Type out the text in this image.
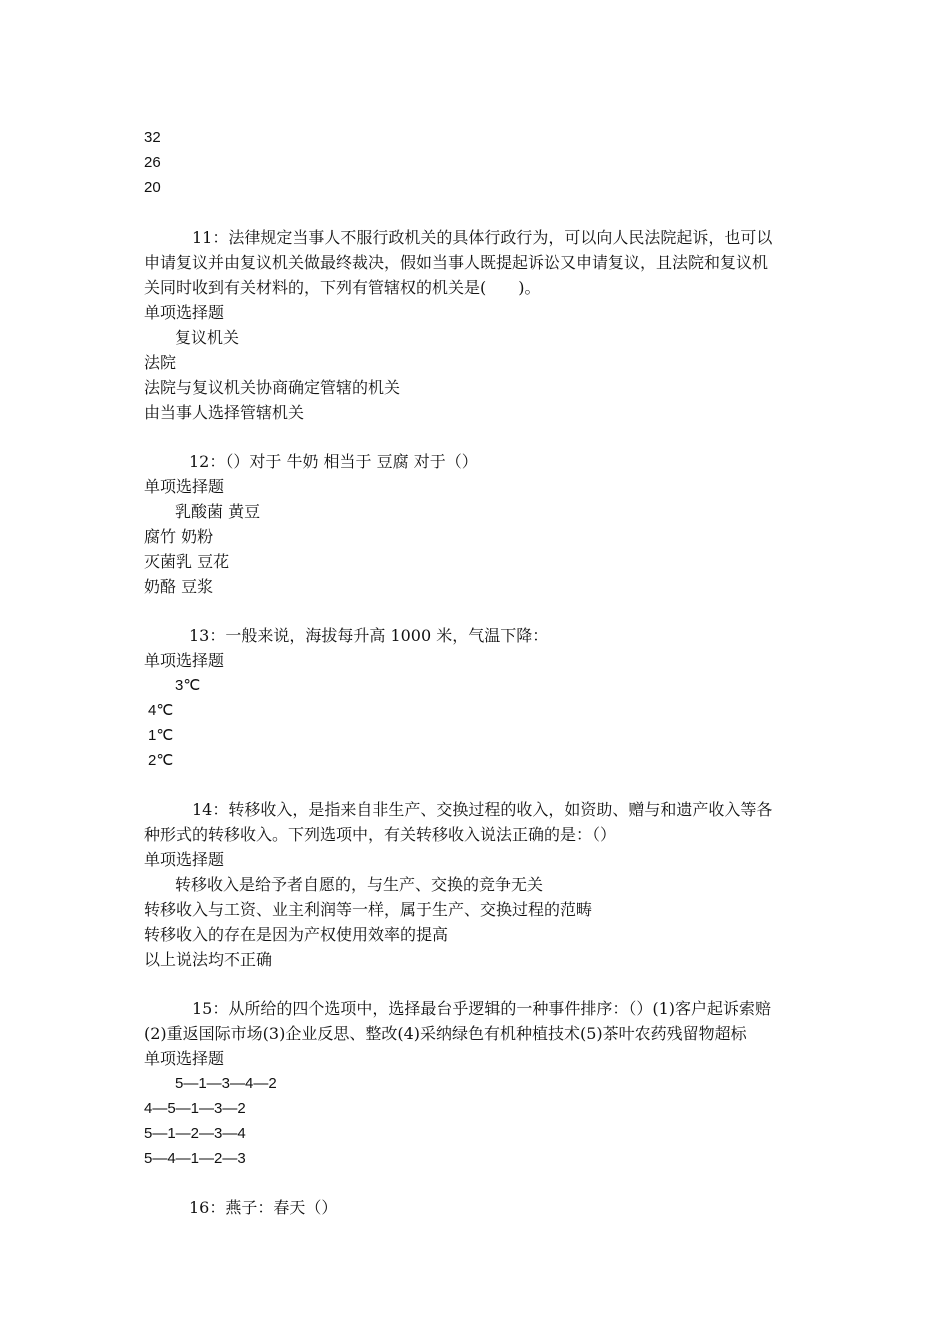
32
26
20
11：法律规定当事人不服行政机关的具体行政行为，可以向人民法院起诉，也可以
申请复议并由复议机关做最终裁决，假如当事人既提起诉讼又申请复议，且法院和复议机
关同时收到有关材料的，下列有管辖权的机关是(　　)。
单项选择题
复议机关
法院
法院与复议机关协商确定管辖的机关
由当事人选择管辖机关
12：（）对于 牛奶 相当于 豆腐 对于（）
单项选择题
乳酸菌 黄豆
腐竹 奶粉
灭菌乳 豆花
奶酪 豆浆
13：一般来说，海拔每升高 1000 米，气温下降：
单项选择题
3℃
4℃
1℃
2℃
14：转移收入，是指来自非生产、交换过程的收入，如资助、赠与和遗产收入等各
种形式的转移收入。下列选项中，有关转移收入说法正确的是：（）
单项选择题
转移收入是给予者自愿的，与生产、交换的竞争无关
转移收入与工资、业主利润等一样，属于生产、交换过程的范畴
转移收入的存在是因为产权使用效率的提高
以上说法均不正确
15：从所给的四个选项中，选择最台乎逻辑的一种事件排序：（）(1)客户起诉索赔
(2)重返国际市场(3)企业反思、整改(4)采纳绿色有机种植技术(5)茶叶农药残留物超标
单项选择题
5—1—3—4—2
4—5—1—3—2
5—1—2—3—4
5—4—1—2—3
16：燕子：春天（）
